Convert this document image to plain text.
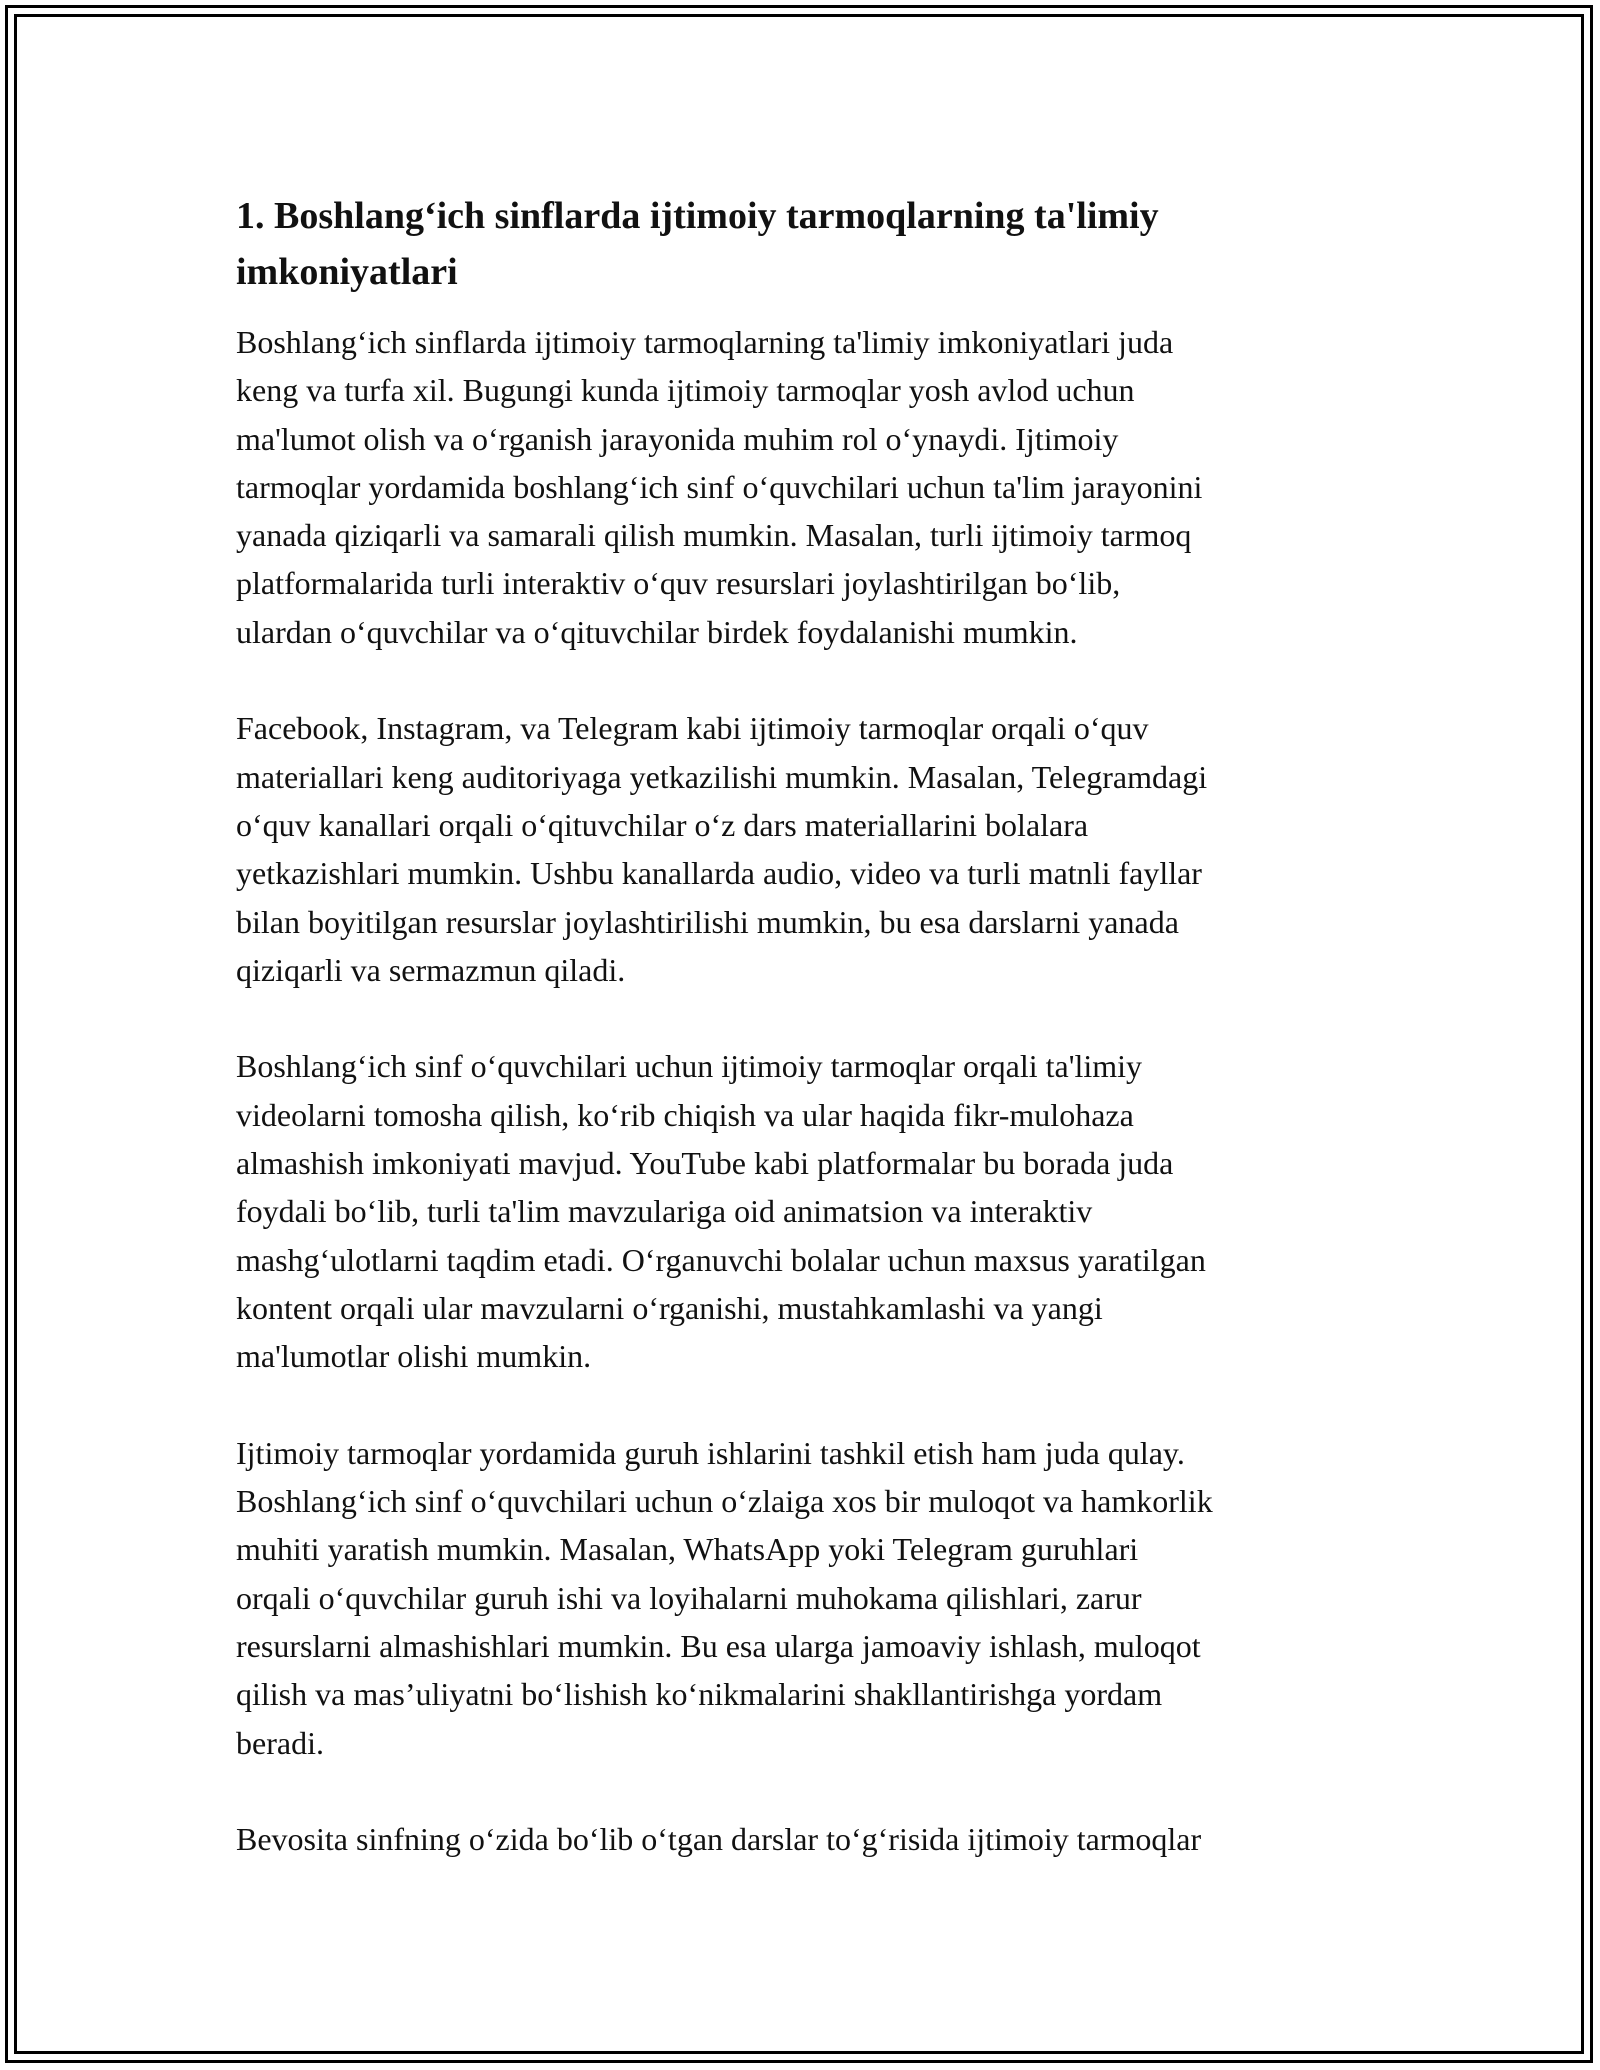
1. Boshlang‘ich sinflarda ijtimoiy tarmoqlarning ta'limiy
imkoniyatlari

Boshlang‘ich sinflarda ijtimoiy tarmoqlarning ta'limiy imkoniyatlari juda
keng va turfa xil. Bugungi kunda ijtimoiy tarmoqlar yosh avlod uchun
ma'lumot olish va o‘rganish jarayonida muhim rol o‘ynaydi. Ijtimoiy
tarmoqlar yordamida boshlang‘ich sinf o‘quvchilari uchun ta'lim jarayonini
yanada qiziqarli va samarali qilish mumkin. Masalan, turli ijtimoiy tarmoq
platformalarida turli interaktiv o‘quv resurslari joylashtirilgan bo‘lib,
ulardan o‘quvchilar va o‘qituvchilar birdek foydalanishi mumkin.

Facebook, Instagram, va Telegram kabi ijtimoiy tarmoqlar orqali o‘quv
materiallari keng auditoriyaga yetkazilishi mumkin. Masalan, Telegramdagi
o‘quv kanallari orqali o‘qituvchilar o‘z dars materiallarini bolalara
yetkazishlari mumkin. Ushbu kanallarda audio, video va turli matnli fayllar
bilan boyitilgan resurslar joylashtirilishi mumkin, bu esa darslarni yanada
qiziqarli va sermazmun qiladi.

Boshlang‘ich sinf o‘quvchilari uchun ijtimoiy tarmoqlar orqali ta'limiy
videolarni tomosha qilish, ko‘rib chiqish va ular haqida fikr-mulohaza
almashish imkoniyati mavjud. YouTube kabi platformalar bu borada juda
foydali bo‘lib, turli ta'lim mavzulariga oid animatsion va interaktiv
mashg‘ulotlarni taqdim etadi. O‘rganuvchi bolalar uchun maxsus yaratilgan
kontent orqali ular mavzularni o‘rganishi, mustahkamlashi va yangi
ma'lumotlar olishi mumkin.

Ijtimoiy tarmoqlar yordamida guruh ishlarini tashkil etish ham juda qulay.
Boshlang‘ich sinf o‘quvchilari uchun o‘zlaiga xos bir muloqot va hamkorlik
muhiti yaratish mumkin. Masalan, WhatsApp yoki Telegram guruhlari
orqali o‘quvchilar guruh ishi va loyihalarni muhokama qilishlari, zarur
resurslarni almashishlari mumkin. Bu esa ularga jamoaviy ishlash, muloqot
qilish va mas’uliyatni bo‘lishish ko‘nikmalarini shakllantirishga yordam
beradi.

Bevosita sinfning o‘zida bo‘lib o‘tgan darslar to‘g‘risida ijtimoiy tarmoqlar
